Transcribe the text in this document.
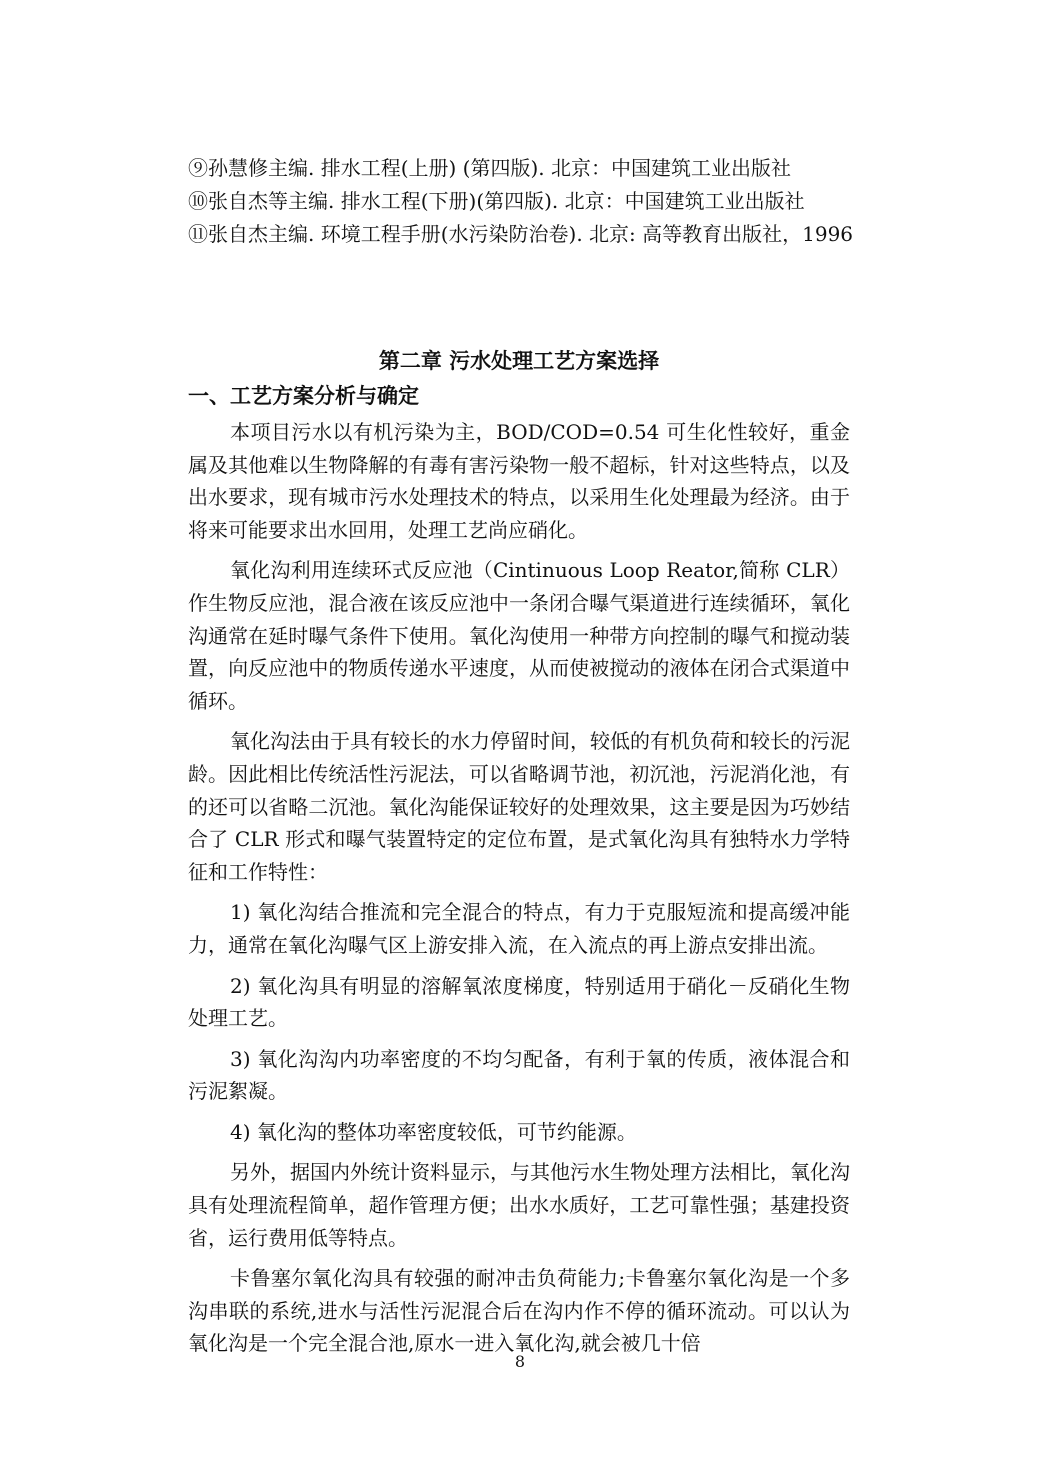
⑨孙慧修主编. 排水工程(上册) (第四版). 北京：中国建筑工业出版社

⑩张自杰等主编. 排水工程(下册)(第四版). 北京：中国建筑工业出版社

⑪张自杰主编. 环境工程手册(水污染防治卷). 北京: 高等教育出版社，1996

第二章 污水处理工艺方案选择
一、工艺方案分析与确定

本项目污水以有机污染为主，BOD/COD=0.54 可生化性较好，重金属及其他难以生物降解的有毒有害污染物一般不超标，针对这些特点，以及出水要求，现有城市污水处理技术的特点，以采用生化处理最为经济。由于将来可能要求出水回用，处理工艺尚应硝化。

氧化沟利用连续环式反应池（Cintinuous Loop Reator,简称 CLR）作生物反应池，混合液在该反应池中一条闭合曝气渠道进行连续循环，氧化沟通常在延时曝气条件下使用。氧化沟使用一种带方向控制的曝气和搅动装置，向反应池中的物质传递水平速度，从而使被搅动的液体在闭合式渠道中循环。

氧化沟法由于具有较长的水力停留时间，较低的有机负荷和较长的污泥龄。因此相比传统活性污泥法，可以省略调节池，初沉池，污泥消化池，有的还可以省略二沉池。氧化沟能保证较好的处理效果，这主要是因为巧妙结合了 CLR 形式和曝气装置特定的定位布置，是式氧化沟具有独特水力学特征和工作特性：

1) 氧化沟结合推流和完全混合的特点，有力于克服短流和提高缓冲能力，通常在氧化沟曝气区上游安排入流，在入流点的再上游点安排出流。

2) 氧化沟具有明显的溶解氧浓度梯度，特别适用于硝化－反硝化生物处理工艺。

3) 氧化沟沟内功率密度的不均匀配备，有利于氧的传质，液体混合和污泥絮凝。

4) 氧化沟的整体功率密度较低，可节约能源。

另外，据国内外统计资料显示，与其他污水生物处理方法相比，氧化沟具有处理流程简单，超作管理方便；出水水质好，工艺可靠性强；基建投资省，运行费用低等特点。

卡鲁塞尔氧化沟具有较强的耐冲击负荷能力;卡鲁塞尔氧化沟是一个多沟串联的系统,进水与活性污泥混合后在沟内作不停的循环流动。可以认为氧化沟是一个完全混合池,原水一进入氧化沟,就会被几十倍

8
